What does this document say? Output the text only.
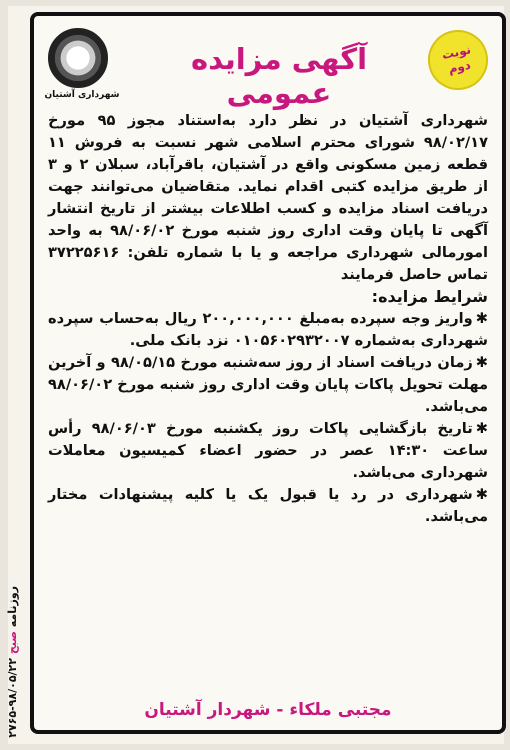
روزنامه صبح ۹۸/۰۵/۲۲-۲۷۶۵
شهرداری آشتیان
آگهی مزایده عمومی
نوبت
دوم

شهرداری آشتیان در نظر دارد به‌استناد مجوز ۹۵ مورخ ۹۸/۰۲/۱۷ شورای محترم اسلامی شهر نسبت به فروش ۱۱ قطعه زمین مسکونی واقع در آشتیان، باقرآباد، سبلان ۲ و ۳ از طریق مزایده کتبی اقدام نماید. متقاضیان می‌توانند جهت دریافت اسناد مزایده و کسب اطلاعات بیشتر از تاریخ انتشار آگهی تا پایان وقت اداری روز شنبه مورخ ۹۸/۰۶/۰۲ به واحد امورمالی شهرداری مراجعه و یا با شماره تلفن: ۳۷۲۲۵۶۱۶ تماس حاصل فرمایند

شرایط مزایده:

✱واریز وجه سپرده به‌مبلغ ۲۰۰,۰۰۰,۰۰۰ ریال به‌حساب سپرده شهرداری به‌شماره ۰۱۰۵۶۰۲۹۳۲۰۰۷ نزد بانک ملی.

✱زمان دریافت اسناد از روز سه‌شنبه مورخ ۹۸/۰۵/۱۵ و آخرین مهلت تحویل پاکات پایان وقت اداری روز شنبه مورخ ۹۸/۰۶/۰۲ می‌باشد.

✱تاریخ بازگشایی پاکات روز یکشنبه مورخ ۹۸/۰۶/۰۳ رأس ساعت ۱۴:۳۰ عصر در حضور اعضاء کمیسیون معاملات شهرداری می‌باشد.

✱شهرداری در رد یا قبول یک یا کلیه پیشنهادات مختار می‌باشد.

مجتبی ملکاء - شهردار آشتیان
